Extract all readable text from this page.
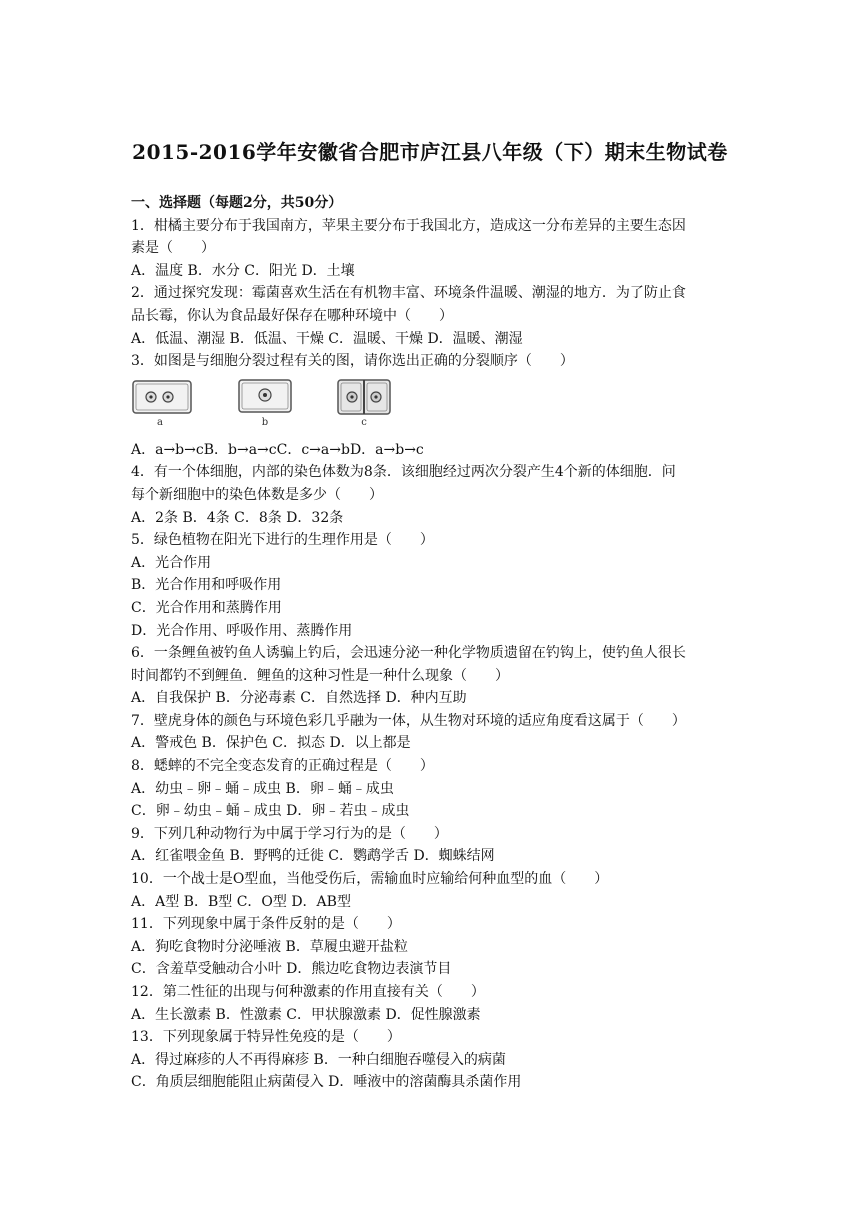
2015-2016学年安徽省合肥市庐江县八年级（下）期末生物试卷
一、选择题（每题2分，共50分）
1．柑橘主要分布于我国南方，苹果主要分布于我国北方，造成这一分布差异的主要生态因
素是（　　）
A．温度 B．水分 C．阳光 D．土壤
2．通过探究发现：霉菌喜欢生活在有机物丰富、环境条件温暖、潮湿的地方．为了防止食
品长霉，你认为食品最好保存在哪种环境中（　　）
A．低温、潮湿 B．低温、干燥 C．温暖、干燥 D．温暖、潮湿
3．如图是与细胞分裂过程有关的图，请你选出正确的分裂顺序（　　）
a	b	c
A．a→b→cB．b→a→cC．c→a→bD．a→b→c
4．有一个体细胞，内部的染色体数为8条．该细胞经过两次分裂产生4个新的体细胞．问
每个新细胞中的染色体数是多少（　　）
A．2条 B．4条 C．8条 D．32条
5．绿色植物在阳光下进行的生理作用是（　　）
A．光合作用
B．光合作用和呼吸作用
C．光合作用和蒸腾作用
D．光合作用、呼吸作用、蒸腾作用
6．一条鲤鱼被钓鱼人诱骗上钓后，会迅速分泌一种化学物质遗留在钓钩上，使钓鱼人很长
时间都钓不到鲤鱼．鲤鱼的这种习性是一种什么现象（　　）
A．自我保护 B．分泌毒素 C．自然选择 D．种内互助
7．壁虎身体的颜色与环境色彩几乎融为一体，从生物对环境的适应角度看这属于（　　）
A．警戒色 B．保护色 C．拟态 D．以上都是
8．蟋蟀的不完全变态发育的正确过程是（　　）
A．幼虫﹣卵﹣蛹﹣成虫 B．卵﹣蛹﹣成虫
C．卵﹣幼虫﹣蛹﹣成虫 D．卵﹣若虫﹣成虫
9．下列几种动物行为中属于学习行为的是（　　）
A．红雀喂金鱼 B．野鸭的迁徙 C．鹦鹉学舌 D．蜘蛛结网
10．一个战士是O型血，当他受伤后，需输血时应输给何种血型的血（　　）
A．A型 B．B型 C．O型 D．AB型
11．下列现象中属于条件反射的是（　　）
A．狗吃食物时分泌唾液 B．草履虫避开盐粒
C．含羞草受触动合小叶 D．熊边吃食物边表演节目
12．第二性征的出现与何种激素的作用直接有关（　　）
A．生长激素 B．性激素 C．甲状腺激素 D．促性腺激素
13．下列现象属于特异性免疫的是（　　）
A．得过麻疹的人不再得麻疹 B．一种白细胞吞噬侵入的病菌
C．角质层细胞能阻止病菌侵入 D．唾液中的溶菌酶具杀菌作用
